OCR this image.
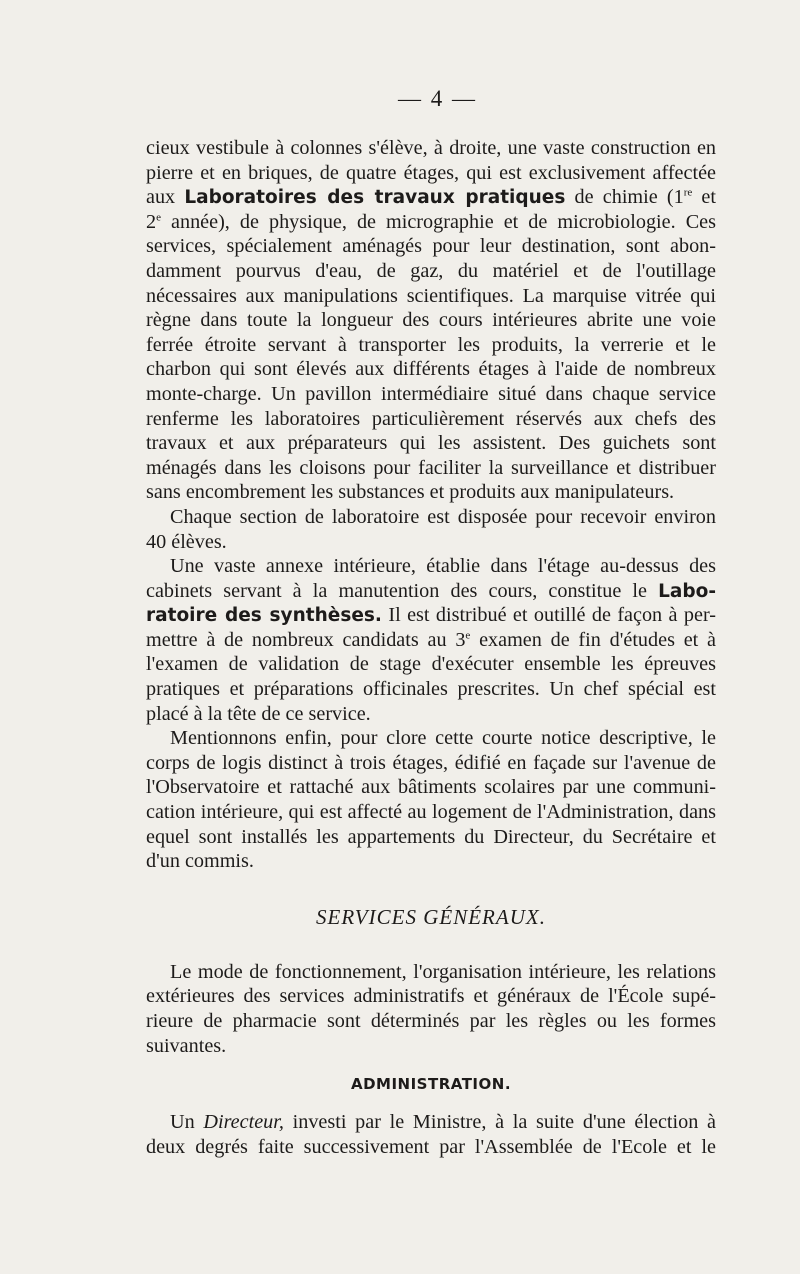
— 4 —
cieux vestibule à colonnes s'élève, à droite, une vaste construction en
pierre et en briques, de quatre étages, qui est exclusivement affectée
aux Laboratoires des travaux pratiques de chimie (1re et
2e année), de physique, de micrographie et de microbiologie. Ces
services, spécialement aménagés pour leur destination, sont abon-
damment pourvus d'eau, de gaz, du matériel et de l'outillage
nécessaires aux manipulations scientifiques. La marquise vitrée qui
règne dans toute la longueur des cours intérieures abrite une voie
ferrée étroite servant à transporter les produits, la verrerie et le
charbon qui sont élevés aux différents étages à l'aide de nombreux
monte-charge. Un pavillon intermédiaire situé dans chaque service
renferme les laboratoires particulièrement réservés aux chefs des
travaux et aux préparateurs qui les assistent. Des guichets sont
ménagés dans les cloisons pour faciliter la surveillance et distribuer
sans encombrement les substances et produits aux manipulateurs.
Chaque section de laboratoire est disposée pour recevoir environ
40 élèves.
Une vaste annexe intérieure, établie dans l'étage au-dessus des
cabinets servant à la manutention des cours, constitue le Labo-
ratoire des synthèses. Il est distribué et outillé de façon à per-
mettre à de nombreux candidats au 3e examen de fin d'études et à
l'examen de validation de stage d'exécuter ensemble les épreuves
pratiques et préparations officinales prescrites. Un chef spécial est
placé à la tête de ce service.
Mentionnons enfin, pour clore cette courte notice descriptive, le
corps de logis distinct à trois étages, édifié en façade sur l'avenue de
l'Observatoire et rattaché aux bâtiments scolaires par une communi-
cation intérieure, qui est affecté au logement de l'Administration, dans
equel sont installés les appartements du Directeur, du Secrétaire et
d'un commis.
SERVICES GÉNÉRAUX.
Le mode de fonctionnement, l'organisation intérieure, les relations
extérieures des services administratifs et généraux de l'École supé-
rieure de pharmacie sont déterminés par les règles ou les formes
suivantes.
ADMINISTRATION.
Un Directeur, investi par le Ministre, à la suite d'une élection à
deux degrés faite successivement par l'Assemblée de l'Ecole et le
